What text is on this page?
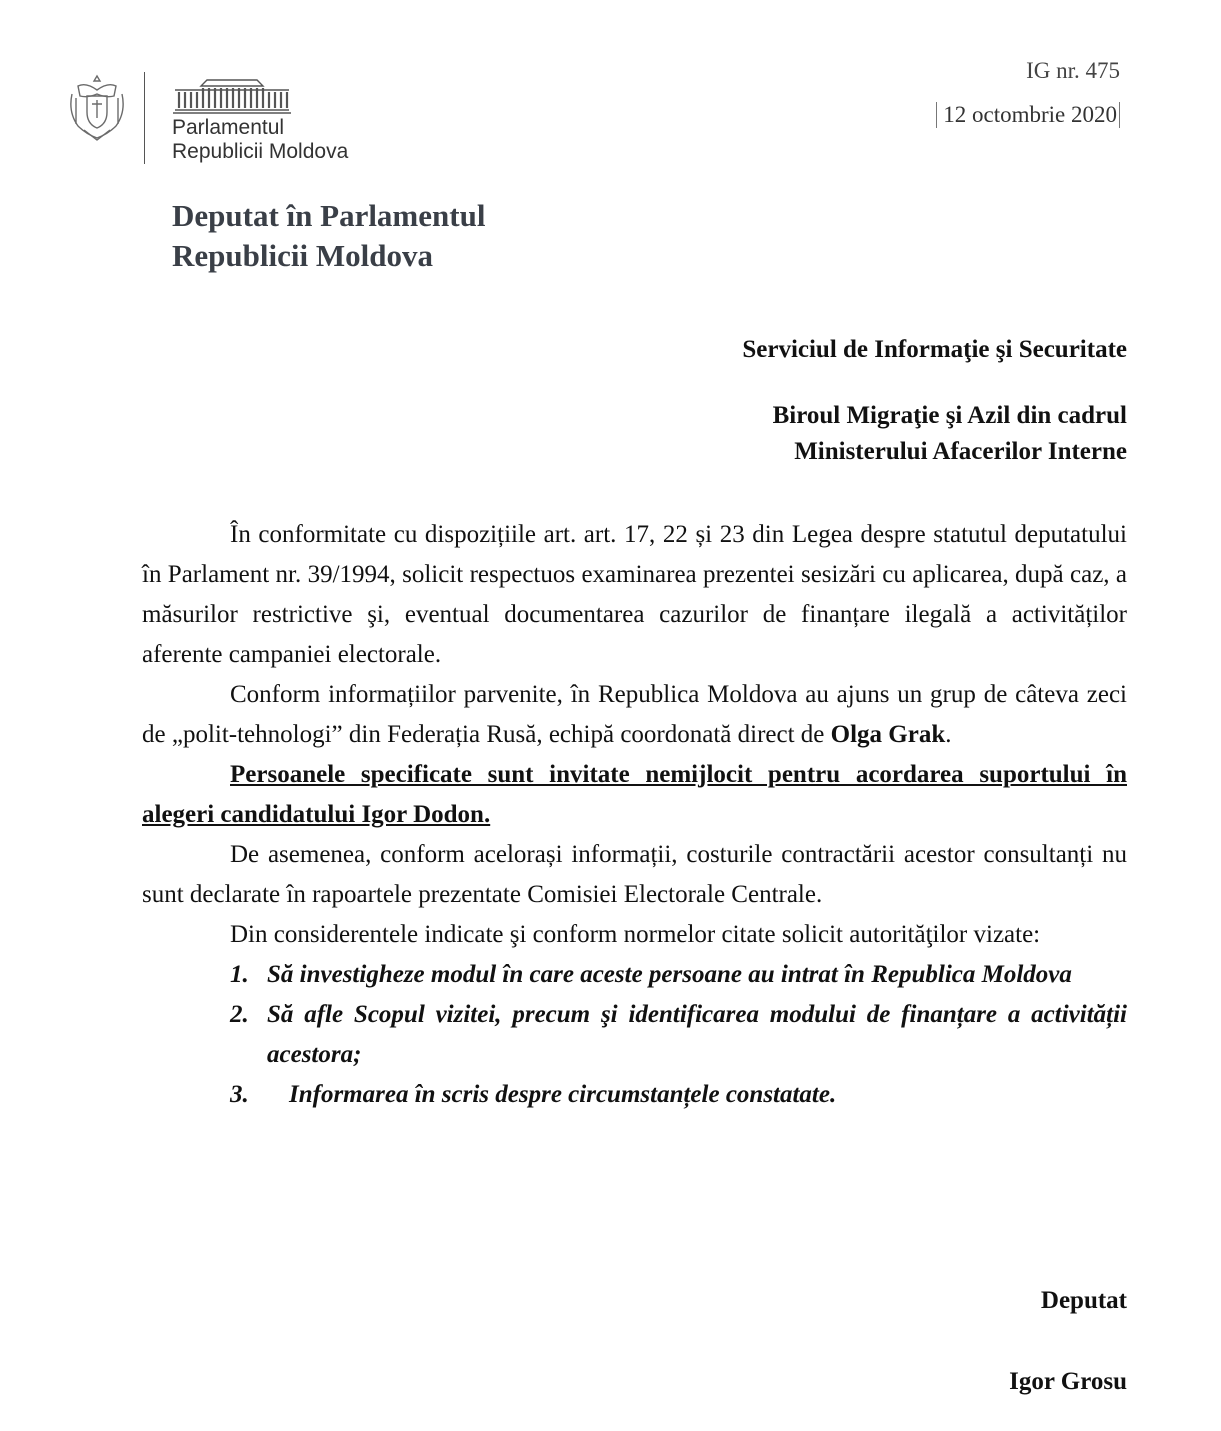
Parlamentul
Republicii Moldova
IG nr. 475
12 octombrie 2020
Deputat în Parlamentul
Republicii Moldova
Serviciul de Informaţie şi Securitate
Biroul Migraţie şi Azil din cadrul
Ministerului Afacerilor Interne

În conformitate cu dispozițiile art. art. 17, 22 și 23 din Legea despre statutul deputatului în Parlament nr. 39/1994, solicit respectuos examinarea prezentei sesizări cu aplicarea, după caz, a măsurilor restrictive şi, eventual documentarea cazurilor de finanțare ilegală a activităților aferente campaniei electorale.

Conform informațiilor parvenite, în Republica Moldova au ajuns un grup de câteva zeci de „polit-tehnologi” din Federația Rusă, echipă coordonată direct de Olga Grak.

Persoanele specificate sunt invitate nemijlocit pentru acordarea suportului în alegeri candidatului Igor Dodon.

De asemenea, conform acelorași informații, costurile contractării acestor consultanți nu sunt declarate în rapoartele prezentate Comisiei Electorale Centrale.

Din considerentele indicate şi conform normelor citate solicit autorităţilor vizate:

1. Să investigheze modul în care aceste persoane au intrat în Republica Moldova
2. Să afle Scopul vizitei, precum şi identificarea modului de finanțare a activității acestora;
3. Informarea în scris despre circumstanțele constatate.
Deputat
Igor Grosu
